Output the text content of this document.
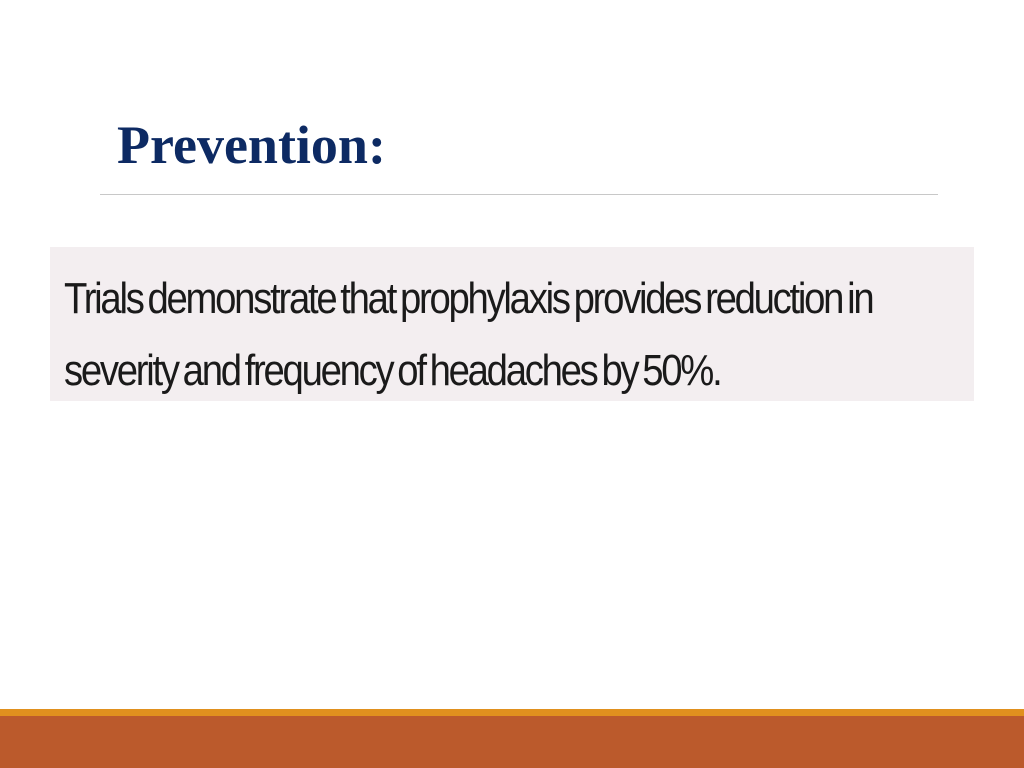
Prevention:

Trials demonstrate that prophylaxis provides reduction in severity and frequency of headaches by 50%.
